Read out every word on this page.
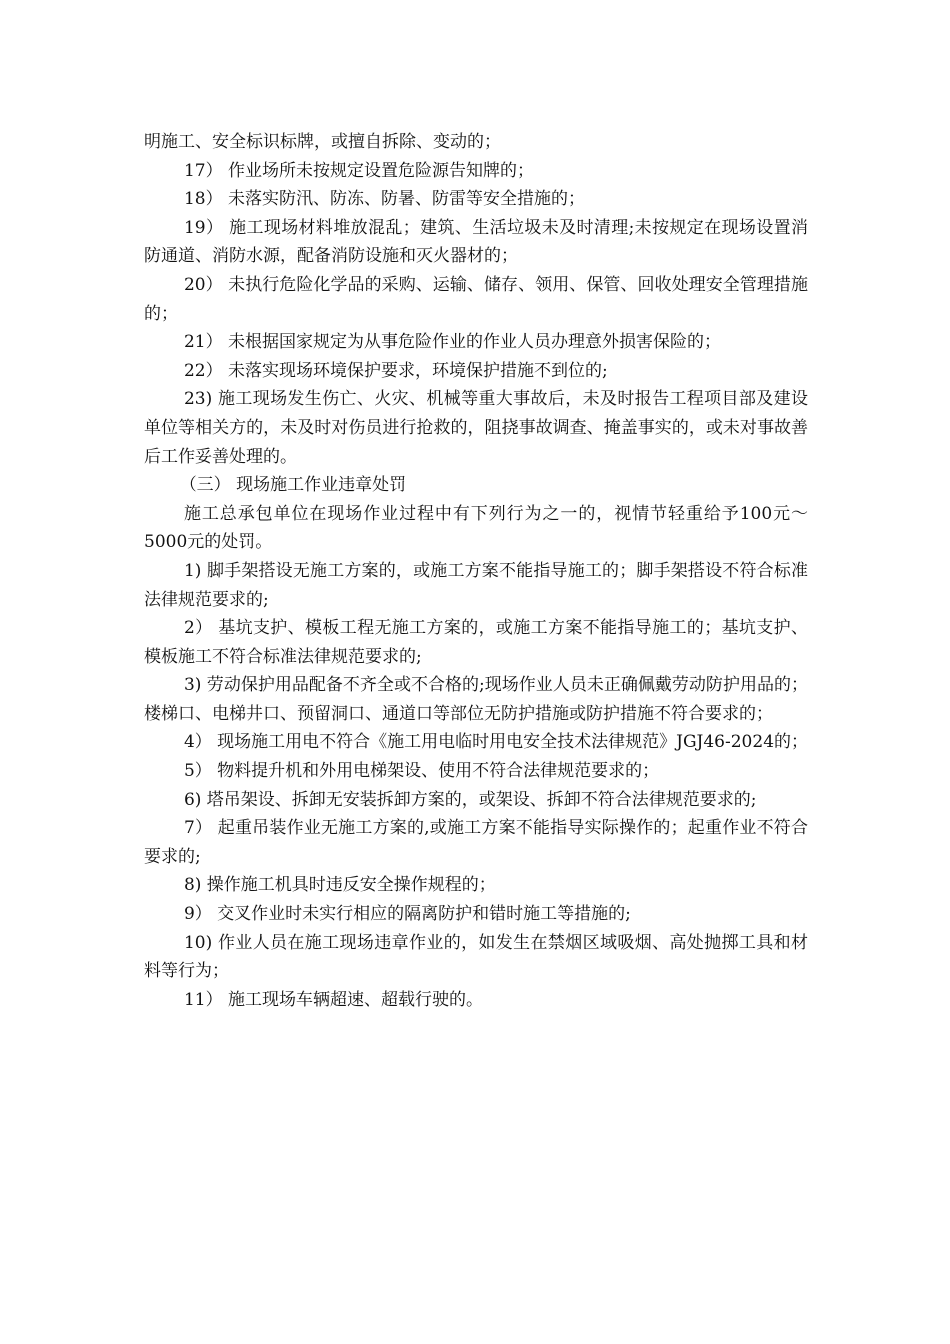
明施工、安全标识标牌，或擅自拆除、变动的；

17） 作业场所未按规定设置危险源告知牌的；

18） 未落实防汛、防冻、防暑、防雷等安全措施的；

19） 施工现场材料堆放混乱；建筑、生活垃圾未及时清理;未按规定在现场设置消防通道、消防水源，配备消防设施和灭火器材的；

20） 未执行危险化学品的采购、运输、储存、领用、保管、回收处理安全管理措施的；

21） 未根据国家规定为从事危险作业的作业人员办理意外损害保险的；

22） 未落实现场环境保护要求，环境保护措施不到位的;

23) 施工现场发生伤亡、火灾、机械等重大事故后，未及时报告工程项目部及建设单位等相关方的，未及时对伤员进行抢救的，阻挠事故调查、掩盖事实的，或未对事故善后工作妥善处理的。

（三） 现场施工作业违章处罚

施工总承包单位在现场作业过程中有下列行为之一的，视情节轻重给予100元～5000元的处罚。

1) 脚手架搭设无施工方案的，或施工方案不能指导施工的；脚手架搭设不符合标准法律规范要求的;

2） 基坑支护、模板工程无施工方案的，或施工方案不能指导施工的；基坑支护、模板施工不符合标准法律规范要求的;

3) 劳动保护用品配备不齐全或不合格的;现场作业人员未正确佩戴劳动防护用品的；楼梯口、电梯井口、预留洞口、通道口等部位无防护措施或防护措施不符合要求的；

4） 现场施工用电不符合《施工用电临时用电安全技术法律规范》JGJ46-2024的；

5） 物料提升机和外用电梯架设、使用不符合法律规范要求的；

6) 塔吊架设、拆卸无安装拆卸方案的，或架设、拆卸不符合法律规范要求的;

7） 起重吊装作业无施工方案的,或施工方案不能指导实际操作的；起重作业不符合要求的;

8) 操作施工机具时违反安全操作规程的；

9） 交叉作业时未实行相应的隔离防护和错时施工等措施的;

10) 作业人员在施工现场违章作业的，如发生在禁烟区域吸烟、高处抛掷工具和材料等行为；

11） 施工现场车辆超速、超载行驶的。
